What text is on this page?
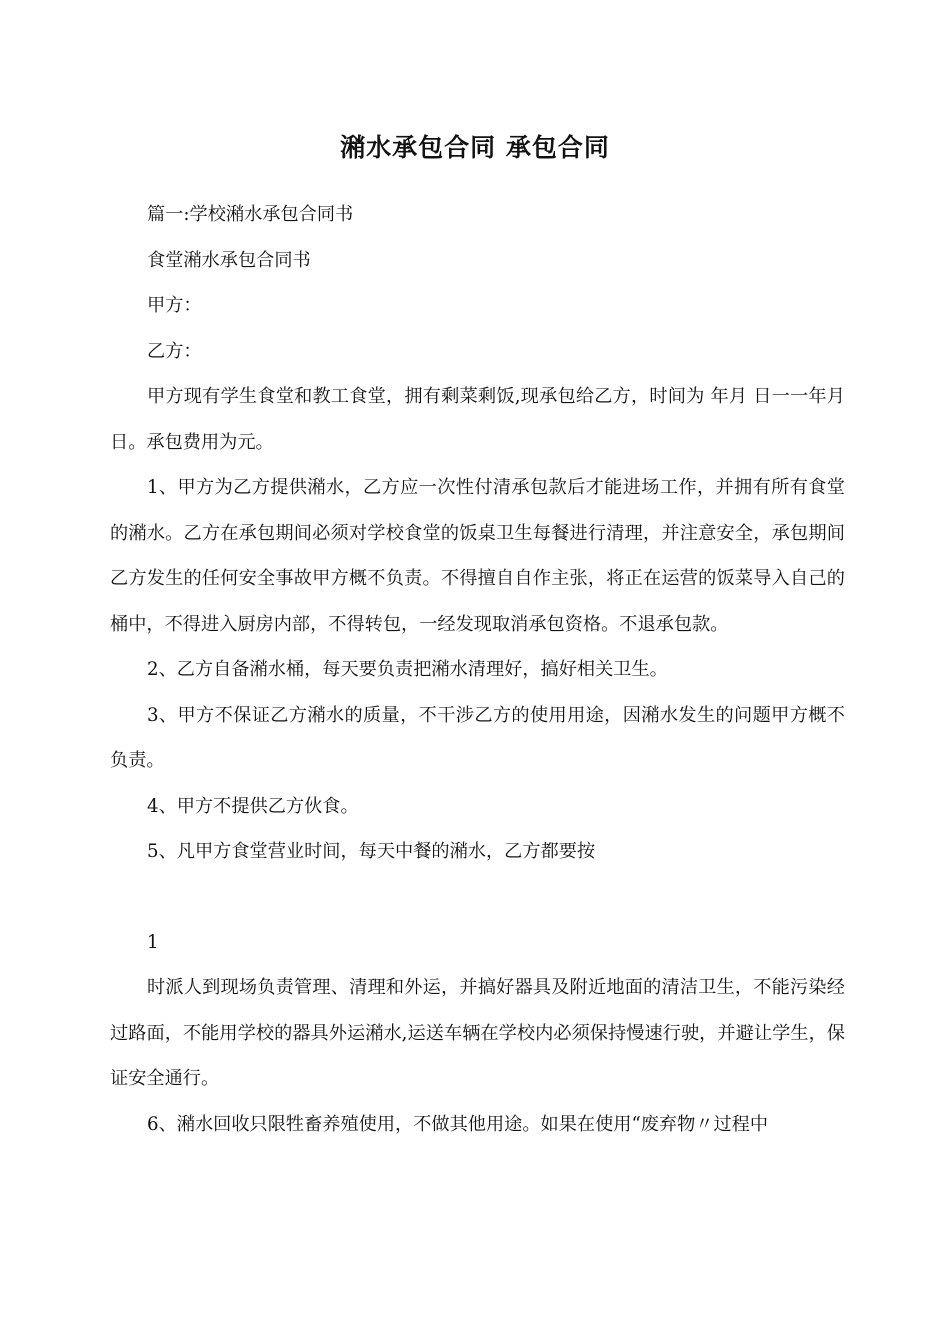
潲水承包合同 承包合同

篇一:学校潲水承包合同书

食堂潲水承包合同书

甲方：

乙方：

甲方现有学生食堂和教工食堂，拥有剩菜剩饭,现承包给乙方，时间为 年月 日一一年月日。承包费用为元。

1、甲方为乙方提供潲水，乙方应一次性付清承包款后才能进场工作，并拥有所有食堂的潲水。乙方在承包期间必须对学校食堂的饭桌卫生每餐进行清理，并注意安全，承包期间乙方发生的任何安全事故甲方概不负责。不得擅自自作主张，将正在运营的饭菜导入自己的桶中，不得进入厨房内部，不得转包，一经发现取消承包资格。不退承包款。

2、乙方自备潲水桶，每天要负责把潲水清理好，搞好相关卫生。

3、甲方不保证乙方潲水的质量，不干涉乙方的使用用途，因潲水发生的问题甲方概不负责。

4、甲方不提供乙方伙食。

5、凡甲方食堂营业时间，每天中餐的潲水，乙方都要按

1

时派人到现场负责管理、清理和外运，并搞好器具及附近地面的清洁卫生，不能污染经过路面，不能用学校的器具外运潲水,运送车辆在学校内必须保持慢速行驶，并避让学生，保证安全通行。

6、潲水回收只限牲畜养殖使用，不做其他用途。如果在使用“废弃物〃过程中
